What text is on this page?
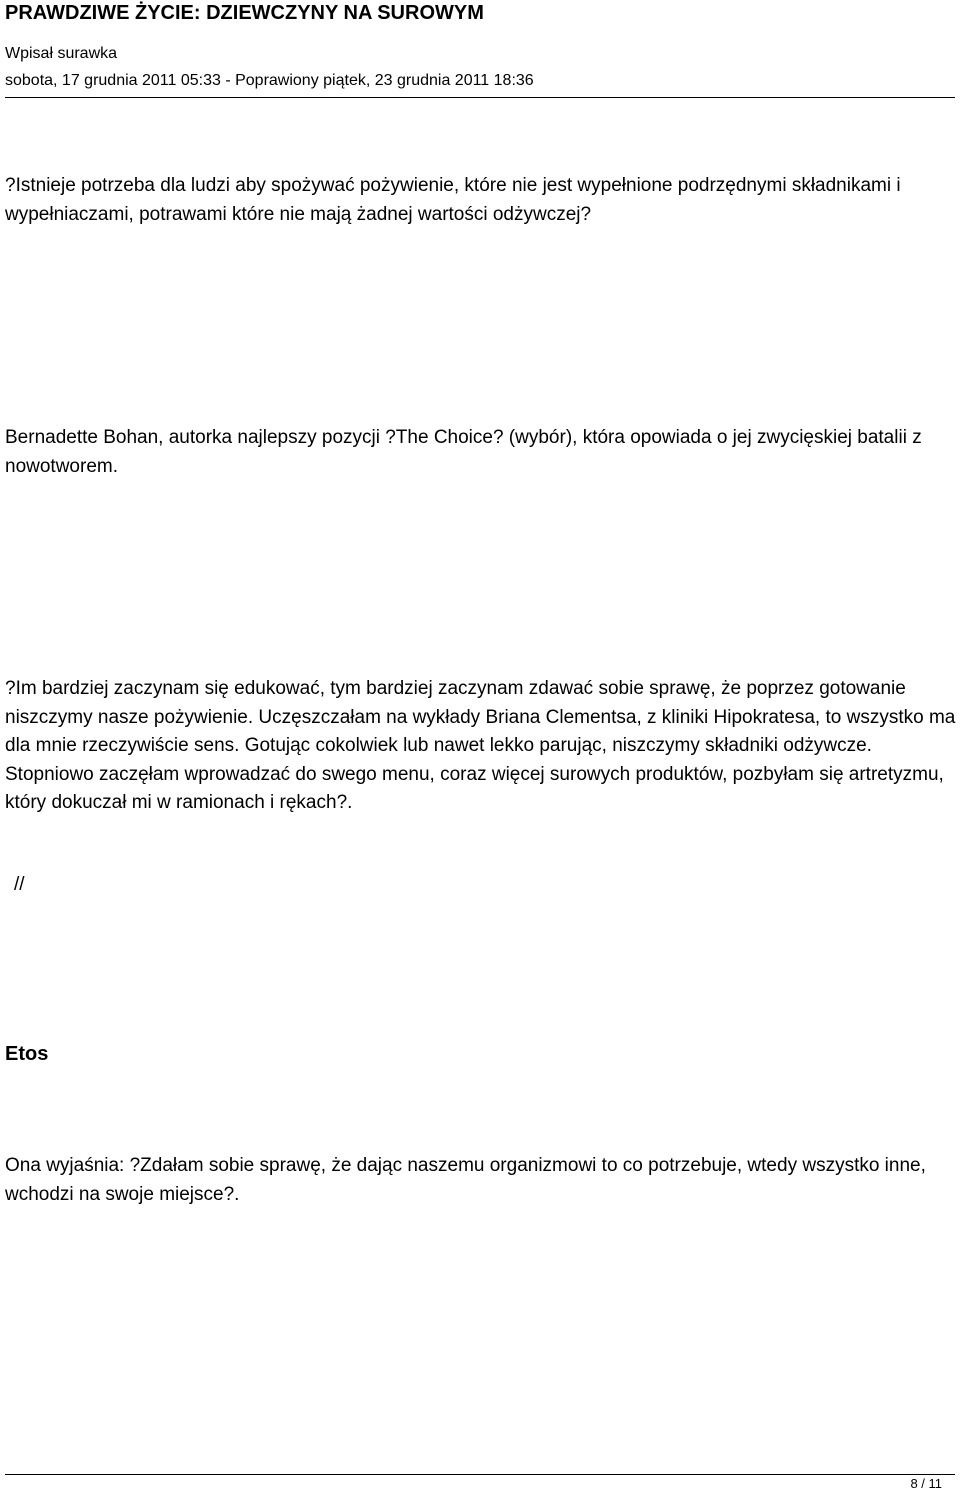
PRAWDZIWE ŻYCIE: DZIEWCZYNY NA SUROWYM
Wpisał surawka
sobota, 17 grudnia 2011 05:33 - Poprawiony piątek, 23 grudnia 2011 18:36

?Istnieje potrzeba dla ludzi aby spożywać pożywienie, które nie jest wypełnione podrzędnymi składnikami i wypełniaczami, potrawami które nie mają żadnej wartości odżywczej?

Bernadette Bohan, autorka najlepszy pozycji ?The Choice? (wybór), która opowiada o jej zwycięskiej batalii z nowotworem.

?Im bardziej zaczynam się edukować, tym bardziej zaczynam zdawać sobie sprawę, że poprzez gotowanie niszczymy nasze pożywienie. Uczęszczałam na wykłady Briana Clementsa, z kliniki Hipokratesa, to wszystko ma dla mnie rzeczywiście sens. Gotując cokolwiek lub nawet lekko parując, niszczymy składniki odżywcze. Stopniowo zaczęłam wprowadzać do swego menu, coraz więcej surowych produktów, pozbyłam się artretyzmu, który dokuczał mi w ramionach i rękach?.

//
Etos

Ona wyjaśnia: ?Zdałam sobie sprawę, że dając naszemu organizmowi to co potrzebuje, wtedy wszystko inne, wchodzi na swoje miejsce?.

8 / 11
